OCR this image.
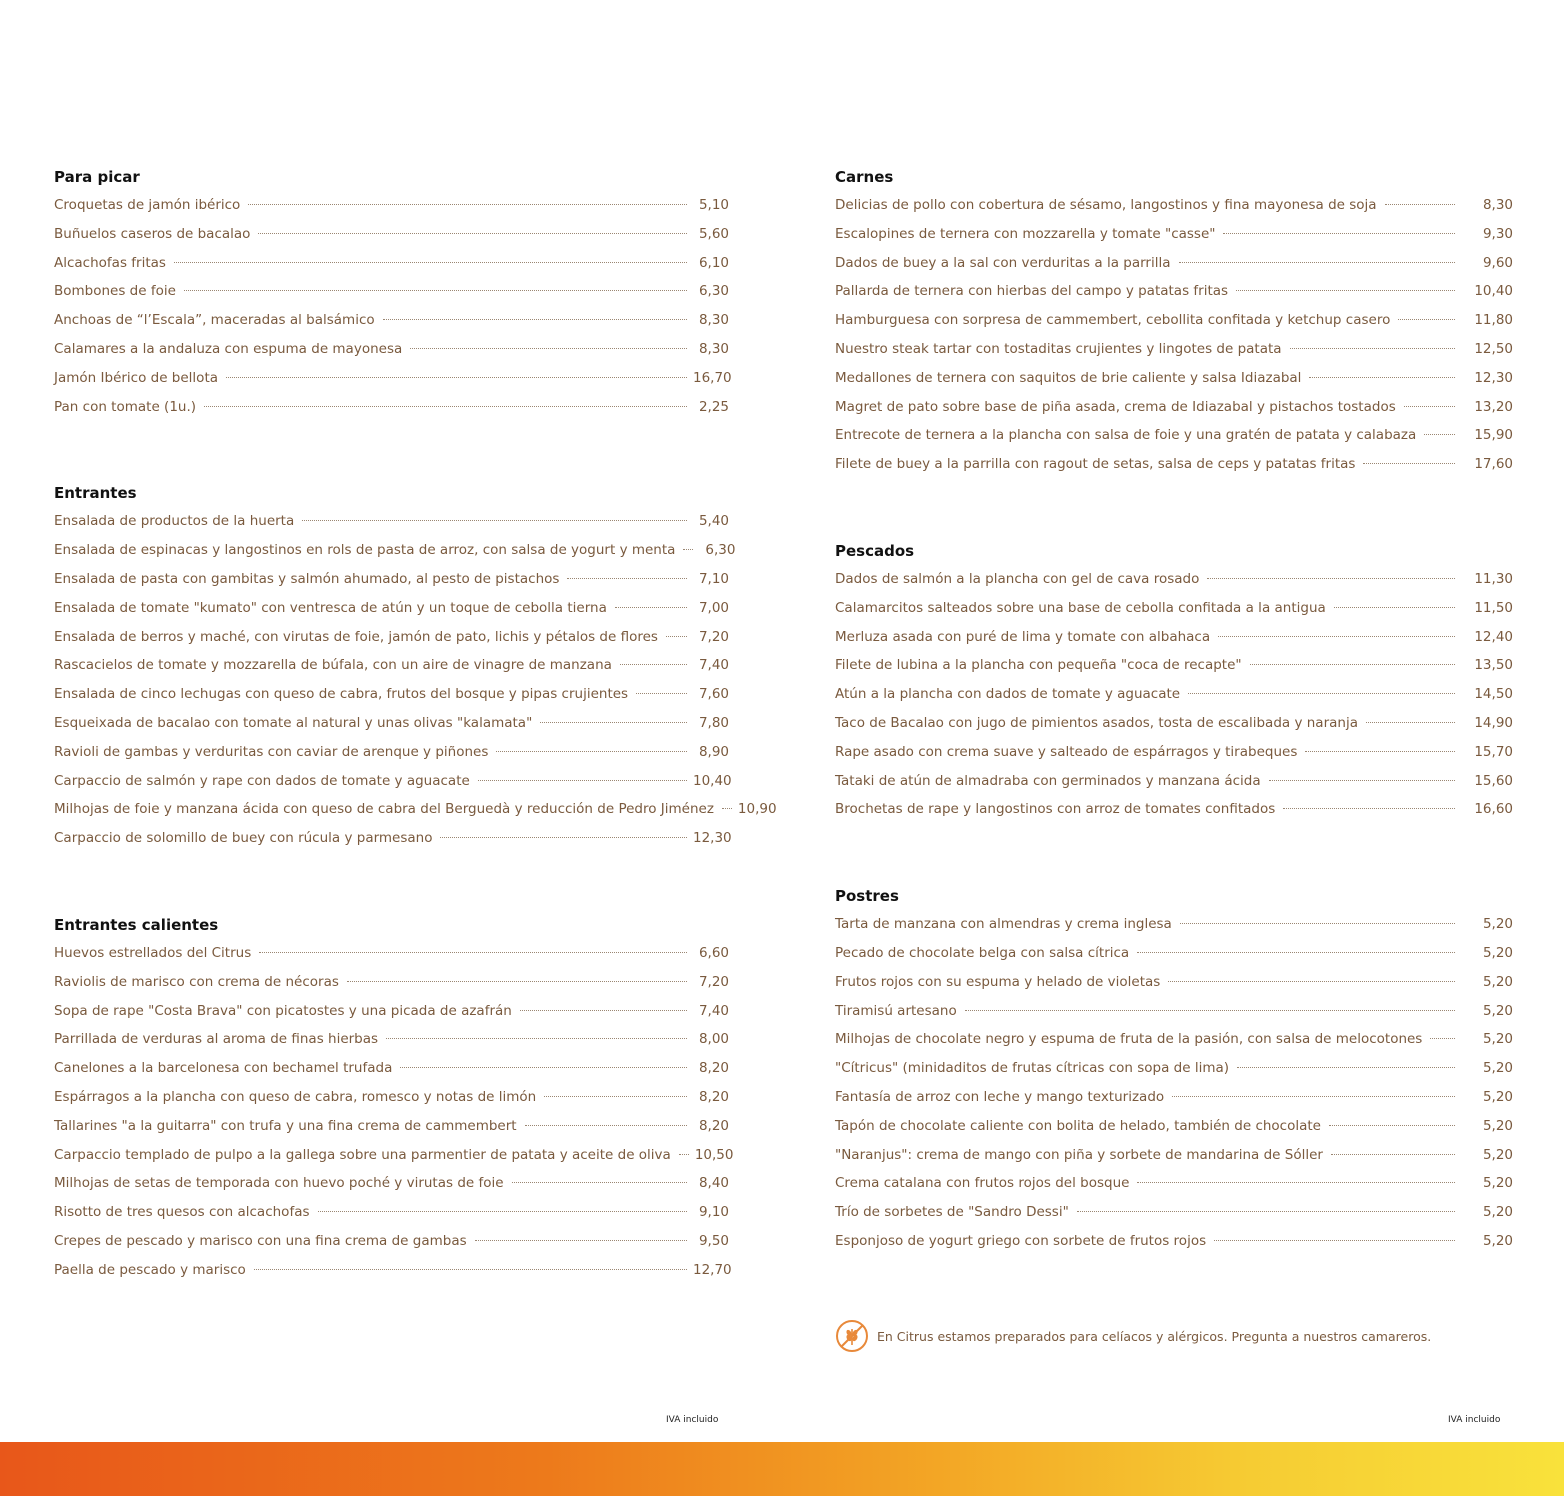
Para picar
Croquetas de jamón ibérico	5,10
Buñuelos caseros de bacalao	5,60
Alcachofas fritas	6,10
Bombones de foie	6,30
Anchoas de “l’Escala”, maceradas al balsámico	8,30
Calamares a la andaluza con espuma de mayonesa	8,30
Jamón Ibérico de bellota	16,70
Pan con tomate (1u.)	2,25
Entrantes
Ensalada de productos de la huerta	5,40
Ensalada de espinacas y langostinos en rols de pasta de arroz, con salsa de yogurt y menta	6,30
Ensalada de pasta con gambitas y salmón ahumado, al pesto de pistachos	7,10
Ensalada de tomate "kumato" con ventresca de atún y un toque de cebolla tierna	7,00
Ensalada de berros y maché, con virutas de foie, jamón de pato, lichis y pétalos de flores	7,20
Rascacielos de tomate y mozzarella de búfala, con un aire de vinagre de manzana	7,40
Ensalada de cinco lechugas con queso de cabra, frutos del bosque y pipas crujientes	7,60
Esqueixada de bacalao con tomate al natural y unas olivas "kalamata"	7,80
Ravioli de gambas y verduritas con caviar de arenque y piñones	8,90
Carpaccio de salmón y rape con dados de tomate y aguacate	10,40
Milhojas de foie y manzana ácida con queso de cabra del Berguedà y reducción de Pedro Jiménez 10,90
Carpaccio de solomillo de buey con rúcula y parmesano	12,30
Entrantes calientes
Huevos estrellados del Citrus	6,60
Raviolis de marisco con crema de nécoras	7,20
Sopa de rape "Costa Brava" con picatostes y una picada de azafrán	7,40
Parrillada de verduras al aroma de finas hierbas	8,00
Canelones a la barcelonesa con bechamel trufada	8,20
Espárragos a la plancha con queso de cabra, romesco y notas de limón	8,20
Tallarines "a la guitarra" con trufa y una fina crema de cammembert	8,20
Carpaccio templado de pulpo a la gallega sobre una parmentier de patata y aceite de oliva 10,50
Milhojas de setas de temporada con huevo poché y virutas de foie	8,40
Risotto de tres quesos con alcachofas	9,10
Crepes de pescado y marisco con una fina crema de gambas	9,50
Paella de pescado y marisco	12,70
Carnes
Delicias de pollo con cobertura de sésamo, langostinos y fina mayonesa de soja	8,30
Escalopines de ternera con mozzarella y tomate "casse"	9,30
Dados de buey a la sal con verduritas a la parrilla	9,60
Pallarda de ternera con hierbas del campo y patatas fritas	10,40
Hamburguesa con sorpresa de cammembert, cebollita confitada y ketchup casero	11,80
Nuestro steak tartar con tostaditas crujientes y lingotes de patata	12,50
Medallones de ternera con saquitos de brie caliente y salsa Idiazabal	12,30
Magret de pato sobre base de piña asada, crema de Idiazabal y pistachos tostados	13,20
Entrecote de ternera a la plancha con salsa de foie y una gratén de patata y calabaza	15,90
Filete de buey a la parrilla con ragout de setas, salsa de ceps y patatas fritas	17,60
Pescados
Dados de salmón a la plancha con gel de cava rosado	11,30
Calamarcitos salteados sobre una base de cebolla confitada a la antigua	11,50
Merluza asada con puré de lima y tomate con albahaca	12,40
Filete de lubina a la plancha con pequeña "coca de recapte"	13,50
Atún a la plancha con dados de tomate y aguacate	14,50
Taco de Bacalao con jugo de pimientos asados, tosta de escalibada y naranja	14,90
Rape asado con crema suave y salteado de espárragos y tirabeques	15,70
Tataki de atún de almadraba con germinados y manzana ácida	15,60
Brochetas de rape y langostinos con arroz de tomates confitados	16,60
Postres
Tarta de manzana con almendras y crema inglesa	5,20
Pecado de chocolate belga con salsa cítrica	5,20
Frutos rojos con su espuma y helado de violetas	5,20
Tiramisú artesano	5,20
Milhojas de chocolate negro y espuma de fruta de la pasión, con salsa de melocotones	5,20
"Cítricus" (minidaditos de frutas cítricas con sopa de lima)	5,20
Fantasía de arroz con leche y mango texturizado	5,20
Tapón de chocolate caliente con bolita de helado, también de chocolate	5,20
"Naranjus": crema de mango con piña y sorbete de mandarina de Sóller	5,20
Crema catalana con frutos rojos del bosque	5,20
Trío de sorbetes de "Sandro Dessi"	5,20
Esponjoso de yogurt griego con sorbete de frutos rojos	5,20
En Citrus estamos preparados para celíacos y alérgicos. Pregunta a nuestros camareros.
IVA incluido	IVA incluido
